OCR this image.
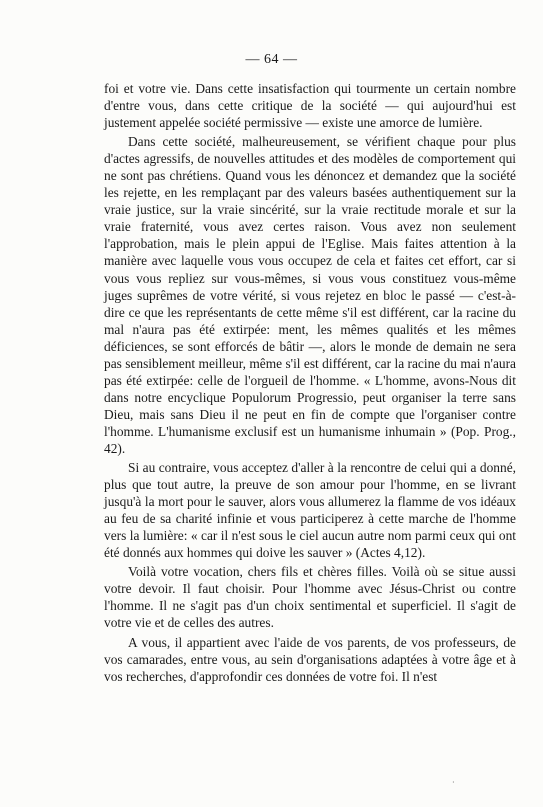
— 64 —

foi et votre vie. Dans cette insatisfaction qui tourmente un certain nombre d'entre vous, dans cette critique de la société — qui aujourd'hui est justement appelée société permissive — existe une amorce de lumière.

Dans cette société, malheureusement, se vérifient chaque pour plus d'actes agressifs, de nouvelles attitudes et des modèles de comportement qui ne sont pas chrétiens. Quand vous les dénoncez et demandez que la société les rejette, en les remplaçant par des valeurs basées authentiquement sur la vraie justice, sur la vraie sincérité, sur la vraie rectitude morale et sur la vraie fraternité, vous avez certes raison. Vous avez non seulement l'approbation, mais le plein appui de l'Eglise. Mais faites attention à la manière avec laquelle vous vous occupez de cela et faites cet effort, car si vous vous repliez sur vous-mêmes, si vous vous constituez vous-même juges suprêmes de votre vérité, si vous rejetez en bloc le passé — c'est-à-dire ce que les représentants de cette même s'il est différent, car la racine du mal n'aura pas été extirpée: ment, les mêmes qualités et les mêmes déficiences, se sont efforcés de bâtir —, alors le monde de demain ne sera pas sensiblement meilleur, même s'il est différent, car la racine du mai n'aura pas été extirpée: celle de l'orgueil de l'homme. « L'homme, avons-Nous dit dans notre encyclique Populorum Progressio, peut organiser la terre sans Dieu, mais sans Dieu il ne peut en fin de compte que l'organiser contre l'homme. L'humanisme exclusif est un humanisme inhumain » (Pop. Prog., 42).

Si au contraire, vous acceptez d'aller à la rencontre de celui qui a donné, plus que tout autre, la preuve de son amour pour l'homme, en se livrant jusqu'à la mort pour le sauver, alors vous allumerez la flamme de vos idéaux au feu de sa charité infinie et vous participerez à cette marche de l'homme vers la lumière: « car il n'est sous le ciel aucun autre nom parmi ceux qui ont été donnés aux hommes qui doive les sauver » (Actes 4,12).

Voilà votre vocation, chers fils et chères filles. Voilà où se situe aussi votre devoir. Il faut choisir. Pour l'homme avec Jésus-Christ ou contre l'homme. Il ne s'agit pas d'un choix sentimental et superficiel. Il s'agit de votre vie et de celles des autres.

A vous, il appartient avec l'aide de vos parents, de vos professeurs, de vos camarades, entre vous, au sein d'organisations adaptées à votre âge et à vos recherches, d'approfondir ces données de votre foi. Il n'est

·
